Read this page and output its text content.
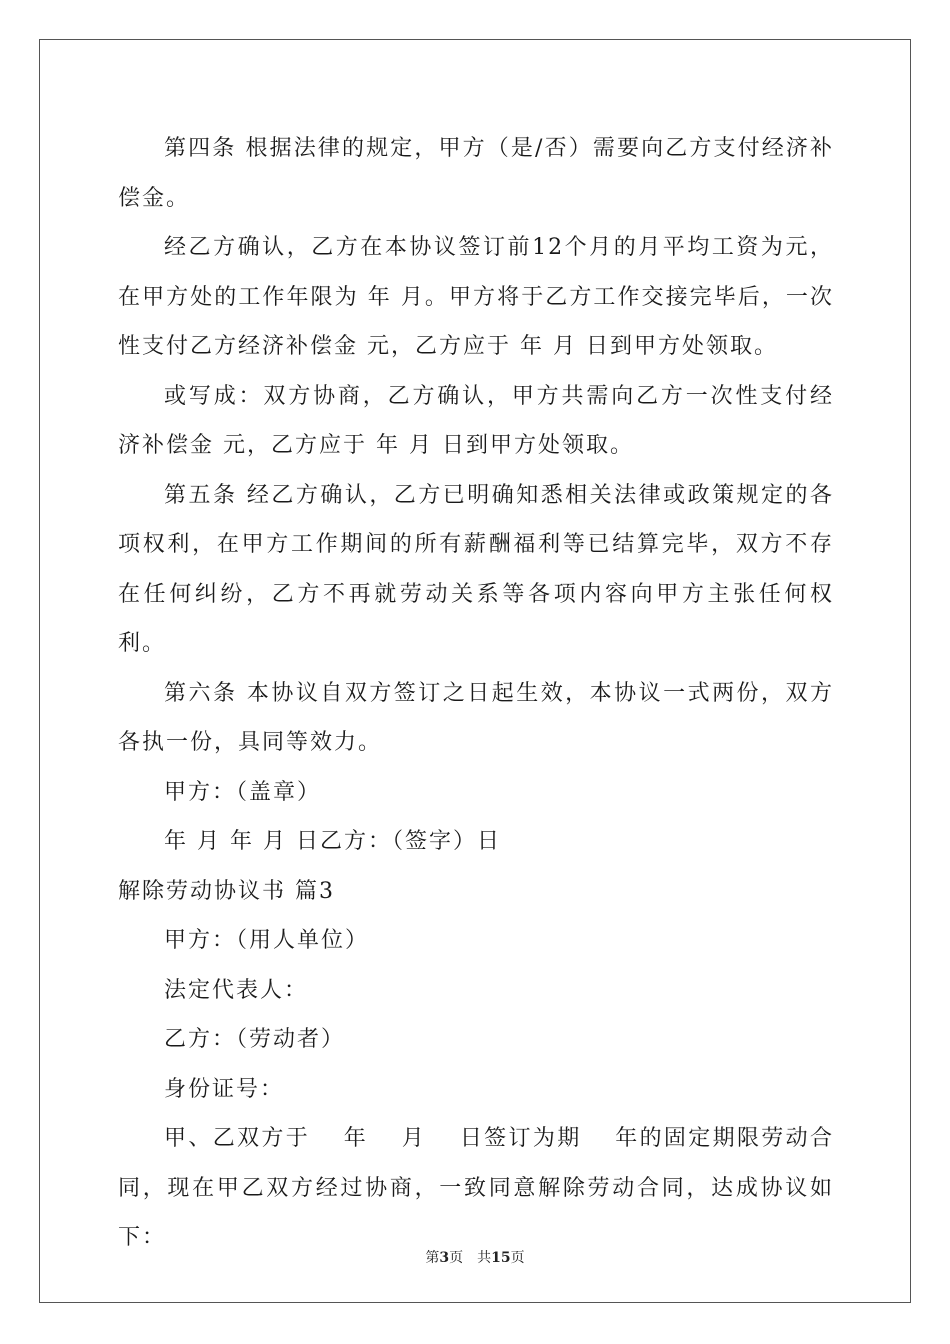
第四条 根据法律的规定，甲方（是/否）需要向乙方支付经济补偿金。

经乙方确认，乙方在本协议签订前12个月的月平均工资为元，在甲方处的工作年限为 年 月。甲方将于乙方工作交接完毕后，一次性支付乙方经济补偿金 元，乙方应于 年 月 日到甲方处领取。

或写成：双方协商，乙方确认，甲方共需向乙方一次性支付经济补偿金 元，乙方应于 年 月 日到甲方处领取。

第五条 经乙方确认，乙方已明确知悉相关法律或政策规定的各项权利，在甲方工作期间的所有薪酬福利等已结算完毕，双方不存在任何纠纷，乙方不再就劳动关系等各项内容向甲方主张任何权利。

第六条 本协议自双方签订之日起生效，本协议一式两份，双方各执一份，具同等效力。

甲方：（盖章）

年 月 年 月 日乙方：（签字）日

解除劳动协议书 篇3

甲方：（用人单位）

法定代表人：

乙方：（劳动者）

身份证号：

甲、乙双方于　 年　 月　 日签订为期　 年的固定期限劳动合同，现在甲乙双方经过协商，一致同意解除劳动合同，达成协议如下：

第3页　共15页
